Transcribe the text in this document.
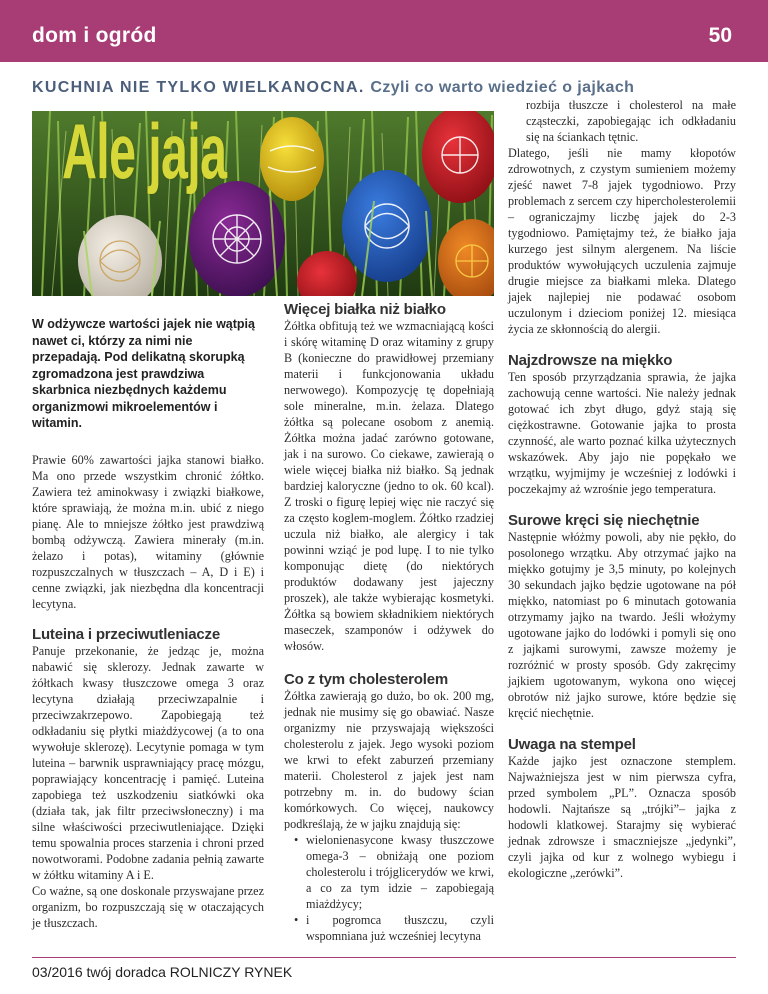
dom i ogród	50
KUCHNIA NIE TYLKO WIELKANOCNA. Czyli co warto wiedzieć o jajkach
Ale jaja

W odżywcze wartości jajek nie wątpią nawet ci, którzy za nimi nie przepadają. Pod delikatną skorupką zgromadzona jest prawdziwa skarbnica niezbędnych każdemu organizmowi mikroelementów i witamin.

Prawie 60% zawartości jajka stanowi białko. Ma ono przede wszystkim chronić żółtko. Zawiera też aminokwasy i związki białkowe, które sprawiają, że można m.in. ubić z niego pianę. Ale to mniejsze żółtko jest prawdziwą bombą odżywczą. Zawiera minerały (m.in. żelazo i potas), witaminy (głównie rozpuszczalnych w tłuszczach – A, D i E) i cenne związki, jak niezbędna dla koncentracji lecytyna.

Luteina i przeciwutleniacze

Panuje przekonanie, że jedząc je, można nabawić się sklerozy. Jednak zawarte w żółtkach kwasy tłuszczowe omega 3 oraz lecytyna działają przeciwzapalnie i przeciwzakrzepowo. Zapobiegają też odkładaniu się płytki miażdżycowej (a to ona wywołuje sklerozę). Lecytynie pomaga w tym luteina – barwnik usprawniający pracę mózgu, poprawiający koncentrację i pamięć. Luteina zapobiega też uszkodzeniu siatkówki oka (działa tak, jak filtr przeciwsłoneczny) i ma silne właściwości przeciwutleniające. Dzięki temu spowalnia proces starzenia i chroni przed nowotworami. Podobne zadania pełnią zawarte w żółtku witaminy A i E.

Co ważne, są one doskonale przyswajane przez organizm, bo rozpuszczają się w otaczających je tłuszczach.

Więcej białka niż białko

Żółtka obfitują też we wzmacniającą kości i skórę witaminę D oraz witaminy z grupy B (konieczne do prawidłowej przemiany materii i funkcjonowania układu nerwowego). Kompozycję tę dopełniają sole mineralne, m.in. żelaza. Dlatego żółtka są polecane osobom z anemią. Żółtka można jadać zarówno gotowane, jak i na surowo. Co ciekawe, zawierają o wiele więcej białka niż białko. Są jednak bardziej kaloryczne (jedno to ok. 60 kcal). Z troski o figurę lepiej więc nie raczyć się za często koglem-moglem. Żółtko rzadziej uczula niż białko, ale alergicy i tak powinni wziąć je pod lupę. I to nie tylko komponując dietę (do niektórych produktów dodawany jest jajeczny proszek), ale także wybierając kosmetyki. Żółtka są bowiem składnikiem niektórych maseczek, szamponów i odżywek do włosów.

Co z tym cholesterolem

Żółtka zawierają go dużo, bo ok. 200 mg, jednak nie musimy się go obawiać. Nasze organizmy nie przyswajają większości cholesterolu z jajek. Jego wysoki poziom we krwi to efekt zaburzeń przemiany materii. Cholesterol z jajek jest nam potrzebny m. in. do budowy ścian komórkowych. Co więcej, naukowcy podkreślają, że w jajku znajdują się:

• wielonienasycone kwasy tłuszczowe omega-3 – obniżają one poziom cholesterolu i trójglicerydów we krwi, a co za tym idzie – zapobiegają miażdżycy;
• i pogromca tłuszczu, czyli wspomniana już wcześniej lecytyna

rozbija tłuszcze i cholesterol na małe cząsteczki, zapobiegając ich odkładaniu się na ściankach tętnic.

Dlatego, jeśli nie mamy kłopotów zdrowotnych, z czystym sumieniem możemy zjeść nawet 7-8 jajek tygodniowo. Przy problemach z sercem czy hipercholesterolemii – ograniczajmy liczbę jajek do 2-3 tygodniowo. Pamiętajmy też, że białko jaja kurzego jest silnym alergenem. Na liście produktów wywołujących uczulenia zajmuje drugie miejsce za białkami mleka. Dlatego jajek najlepiej nie podawać osobom uczulonym i dzieciom poniżej 12. miesiąca życia ze skłonnością do alergii.

Najzdrowsze na miękko

Ten sposób przyrządzania sprawia, że jajka zachowują cenne wartości. Nie należy jednak gotować ich zbyt długo, gdyż stają się ciężkostrawne. Gotowanie jajka to prosta czynność, ale warto poznać kilka użytecznych wskazówek. Aby jajo nie popękało we wrzątku, wyjmijmy je wcześniej z lodówki i poczekajmy aż wzrośnie jego temperatura.

Surowe kręci się niechętnie

Następnie włóżmy powoli, aby nie pękło, do posolonego wrzątku. Aby otrzymać jajko na miękko gotujmy je 3,5 minuty, po kolejnych 30 sekundach jajko będzie ugotowane na pół miękko, natomiast po 6 minutach gotowania otrzymamy jajko na twardo. Jeśli włożymy ugotowane jajko do lodówki i pomyli się ono z jajkami surowymi, zawsze możemy je rozróżnić w prosty sposób. Gdy zakręcimy jajkiem ugotowanym, wykona ono więcej obrotów niż jajko surowe, które będzie się kręcić niechętnie.

Uwaga na stempel

Każde jajko jest oznaczone stemplem. Najważniejsza jest w nim pierwsza cyfra, przed symbolem „PL”. Oznacza sposób hodowli. Najtańsze są „trójki”– jajka z hodowli klatkowej. Starajmy się wybierać jednak zdrowsze i smaczniejsze „jedynki”, czyli jajka od kur z wolnego wybiegu i ekologiczne „zerówki”.

03/2016 twój doradca ROLNICZY RYNEK
